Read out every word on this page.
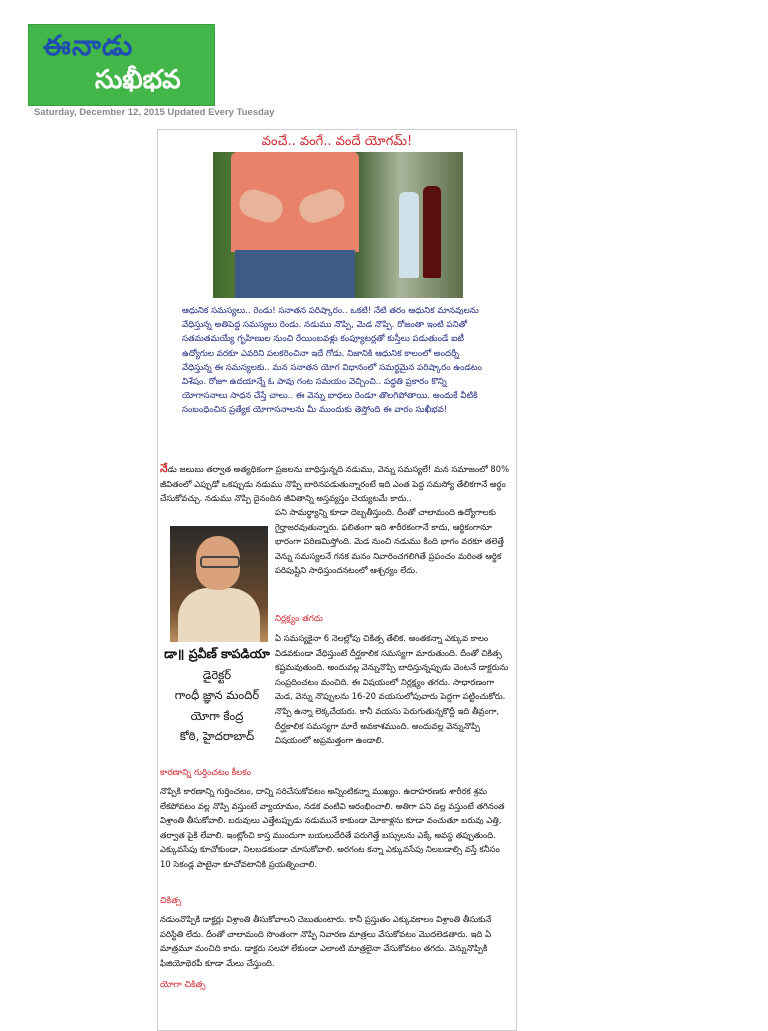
ఈనాడు
సుఖీభవ
Saturday, December 12, 2015 Updated Every Tuesday
వంచే.. వంగే.. వందే యోగమ్!
ఆధునిక సమస్యలు.. రెండు! సనాతన పరిష్కారం.. ఒకటి! నేటి తరం ఆధునిక మానవులను వేధిస్తున్న అతిపెద్ద సమస్యలు రెండు. నడుము నొప్పి, మెడ నొప్పి. రోజంతా ఇంటి పనితో సతమతమయ్యే గృహిణుల నుంచి రేయింబవళ్లు కంప్యూటర్లతో కుస్తీలు పడుతుండే ఐటీ ఉద్యోగుల వరకూ ఎవరిని పలకరించినా ఇదే గోడు. నిజానికి ఆధునిక కాలంలో అందర్నీ వేధిస్తున్న ఈ సమస్యలకు.. మన సనాతన యోగ విధానంలో సమర్థమైన పరిష్కారం ఉండటం విశేషం. రోజూ ఉదయాన్నే ఓ పావు గంట సమయం వెచ్చించి.. పద్ధతి ప్రకారం కొన్ని యోగాసనాలు సాధన చేస్తే చాలు.. ఈ వెన్ను బాధలు రెండూ తొలగిపోతాయి. అందుకే వీటికి సంబంధించిన ప్రత్యేక యోగాసనాలను మీ ముందుకు తెస్తోంది ఈ వారం సుఖీభవ!
నేడు జలుబు తర్వాత అత్యధికంగా ప్రజలను బాధిస్తున్నది నడుము, వెన్ను సమస్యలే! మన సమాజంలో 80% జీవితంలో ఎప్పుడో ఒకప్పుడు నడుము నొప్పి బారినపడుతున్నారంటే ఇది ఎంత పెద్ద సమస్యో తేలికగానే అర్థం చేసుకోవచ్చు. నడుము నొప్పి దైనందిన జీవితాన్ని అస్తవ్యస్తం చెయ్యటమే కాదు..
పని సామర్థ్యాన్ని కూడా దెబ్బతీస్తుంది. దీంతో చాలామంది ఉద్యోగాలకు గైర్హాజరవుతున్నారు. ఫలితంగా ఇది శారీరకంగానే కాదు, ఆర్థికంగానూ భారంగా పరిణమిస్తోంది. మెడ నుంచి నడుము కింది భాగం వరకూ తలెత్తే వెన్ను సమస్యలనే గనక మనం నివారించగలిగితే ప్రపంచం మరింత ఆర్థిక పరిపుష్టిని సాధిస్తుందనటంలో ఆశ్చర్యం లేదు.
డా॥ ప్రవీణ్ కాపడియా
డైరెక్టర్
గాంధీ జ్ఞాన మందిర్
యోగా కేంద్ర
కోఠి, హైదరాబాద్
నిర్లక్ష్యం తగదు
ఏ సమస్యకైనా 6 నెలల్లోపు చికిత్స తేలిక. అంతకన్నా ఎక్కువ కాలం విడవకుండా వేధిస్తుంటే దీర్ఘకాలిక సమస్యగా మారుతుంది. దీంతో చికిత్స కష్టమవుతుంది. అందువల్ల వెన్నునొప్పి బాధిస్తున్నప్పుడు వెంటనే డాక్టరును సంప్రదించటం మంచిది. ఈ విషయంలో నిర్లక్ష్యం తగదు. సాధారణంగా మెడ, వెన్ను నొప్పులను 16-20 వయసులోపువారు పెద్దగా పట్టించుకోరు. నొప్పి ఉన్నా లెక్కచేయరు. కానీ వయసు పెరుగుతున్నకొద్దీ ఇది తీవ్రంగా, దీర్ఘకాలిక సమస్యగా మారే అవకాశముంది. అందువల్ల వెన్నునొప్పి విషయంలో అప్రమత్తంగా ఉండాలి.
కారణాన్ని గుర్తించటం కీలకం
నొప్పికి కారణాన్ని గుర్తించటం, దాన్ని సరిచేసుకోవటం అన్నింటికన్నా ముఖ్యం. ఉదాహరణకు శారీరక శ్రమ లేకపోవటం వల్ల నొప్పి వస్తుంటే వ్యాయామం, నడక వంటివి ఆరంభించాలి. అతిగా పని వల్ల వస్తుంటే తగినంత విశ్రాంతి తీసుకోవాలి. బరువులు ఎత్తేటప్పుడు నడుమునే కాకుండా మోకాళ్లను కూడా వంచుతూ బరువు ఎత్తి, తర్వాత పైకి లేవాలి. ఇంట్లోంచి కాస్త ముందుగా బయలుదేరితే పరుగెత్తే బస్సులను ఎక్కే అవస్థ తప్పుతుంది. ఎక్కువసేపు కూచోకుండా, నిలబడకుండా చూసుకోవాలి. అరగంట కన్నా ఎక్కువసేపు నిలబడాల్సి వస్తే కనీసం 10 సెకండ్ల పాటైనా కూచోవటానికి ప్రయత్నించాలి.
చికిత్స
నడుంనొప్పికి డాక్టర్లు విశ్రాంతి తీసుకోవాలని చెబుతుంటారు. కానీ ప్రస్తుతం ఎక్కువకాలం విశ్రాంతి తీసుకునే పరిస్థితి లేదు. దీంతో చాలామంది సొంతంగా నొప్పి నివారణ మాత్రలు వేసుకోవటం మొదలెడతారు. ఇది ఏ మాత్రమూ మంచిది కాదు. డాక్టరు సలహా లేకుండా ఎలాంటి మాత్రలైనా వేసుకోవటం తగదు. వెన్నునొప్పికి ఫిజియోథెరపీ కూడా మేలు చేస్తుంది.
యోగా చికిత్స
